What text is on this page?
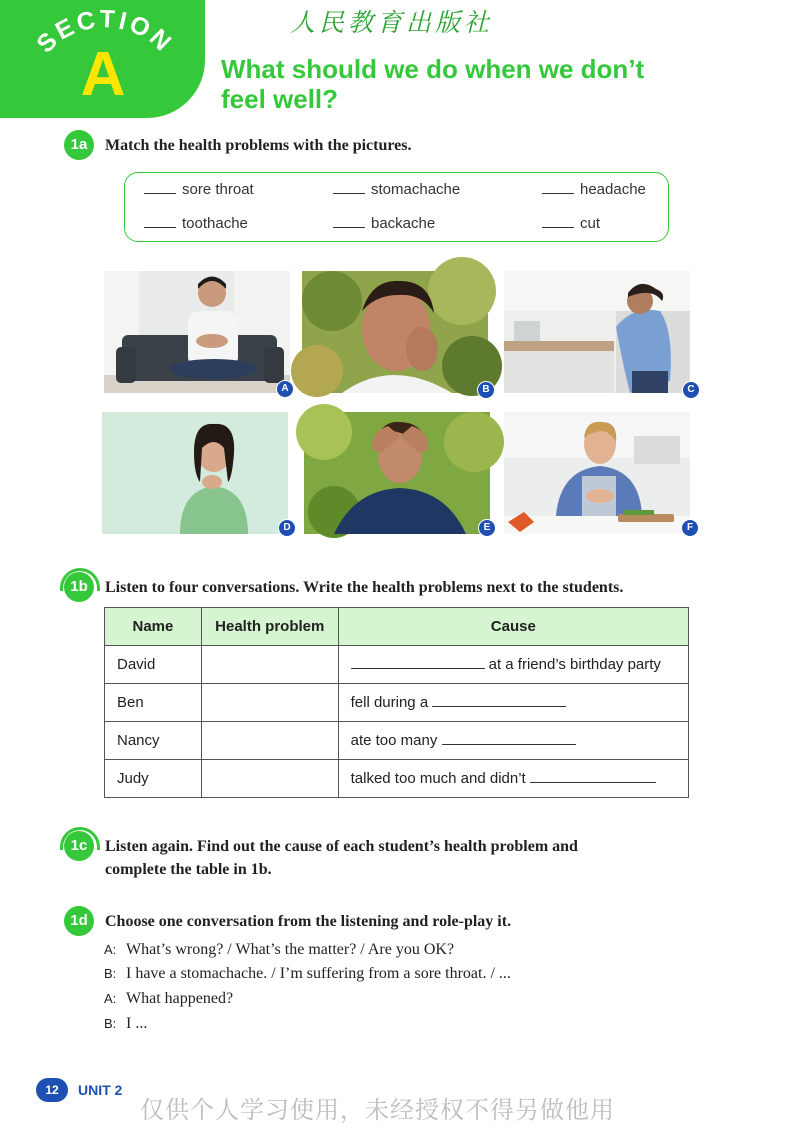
SECTION
A
人民教育出版社
What should we do when we don’t feel well?
1a	Match the health problems with the pictures.
sore throat	stomachache	headache
toothache	backache	cut
A	B	C
D	E	F
1b	Listen to four conversations. Write the health problems next to the students.
Name	Health problem	Cause
David		at a friend’s birthday party
Ben		fell during a
Nancy		ate too many
Judy		talked too much and didn’t
1c	Listen again. Find out the cause of each student’s health problem and
complete the table in 1b.
1d	Choose one conversation from the listening and role-play it.
A: What’s wrong? / What’s the matter? / Are you OK?
B: I have a stomachache. / I’m suffering from a sore throat. / ...
A: What happened?
B: I ...
12	UNIT 2
仅供个人学习使用，未经授权不得另做他用
